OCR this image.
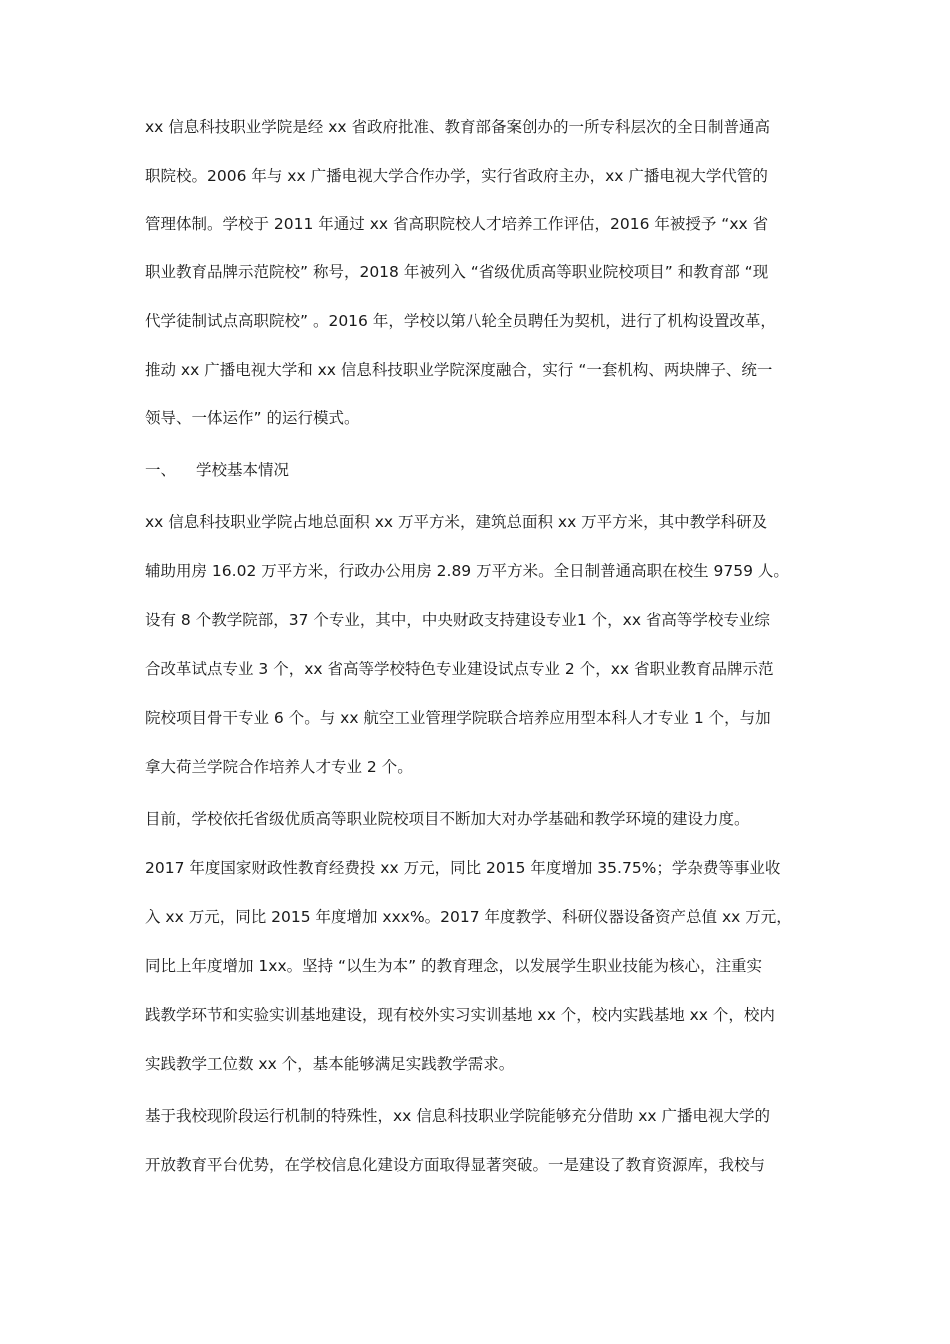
xx 信息科技职业学院是经 xx 省政府批准、教育部备案创办的一所专科层次的全日制普通高
职院校。2006 年与 xx 广播电视大学合作办学，实行省政府主办，xx 广播电视大学代管的
管理体制。学校于 2011 年通过 xx 省高职院校人才培养工作评估，2016 年被授予 “xx 省
职业教育品牌示范院校” 称号，2018 年被列入 “省级优质高等职业院校项目” 和教育部 “现
代学徒制试点高职院校” 。2016 年，学校以第八轮全员聘任为契机，进行了机构设置改革，
推动 xx 广播电视大学和 xx 信息科技职业学院深度融合，实行 “一套机构、两块牌子、统一
领导、一体运作” 的运行模式。
一、 学校基本情况
xx 信息科技职业学院占地总面积 xx 万平方米，建筑总面积 xx 万平方米，其中教学科研及
辅助用房 16.02 万平方米，行政办公用房 2.89 万平方米。全日制普通高职在校生 9759 人。
设有 8 个教学院部，37 个专业，其中，中央财政支持建设专业1 个，xx 省高等学校专业综
合改革试点专业 3 个，xx 省高等学校特色专业建设试点专业 2 个，xx 省职业教育品牌示范
院校项目骨干专业 6 个。与 xx 航空工业管理学院联合培养应用型本科人才专业 1 个，与加
拿大荷兰学院合作培养人才专业 2 个。
目前，学校依托省级优质高等职业院校项目不断加大对办学基础和教学环境的建设力度。
2017 年度国家财政性教育经费投 xx 万元，同比 2015 年度增加 35.75%；学杂费等事业收
入 xx 万元，同比 2015 年度增加 xxx%。2017 年度教学、科研仪器设备资产总值 xx 万元，
同比上年度增加 1xx。坚持 “以生为本” 的教育理念，以发展学生职业技能为核心，注重实
践教学环节和实验实训基地建设，现有校外实习实训基地 xx 个，校内实践基地 xx 个，校内
实践教学工位数 xx 个，基本能够满足实践教学需求。
基于我校现阶段运行机制的特殊性，xx 信息科技职业学院能够充分借助 xx 广播电视大学的
开放教育平台优势，在学校信息化建设方面取得显著突破。一是建设了教育资源库，我校与
